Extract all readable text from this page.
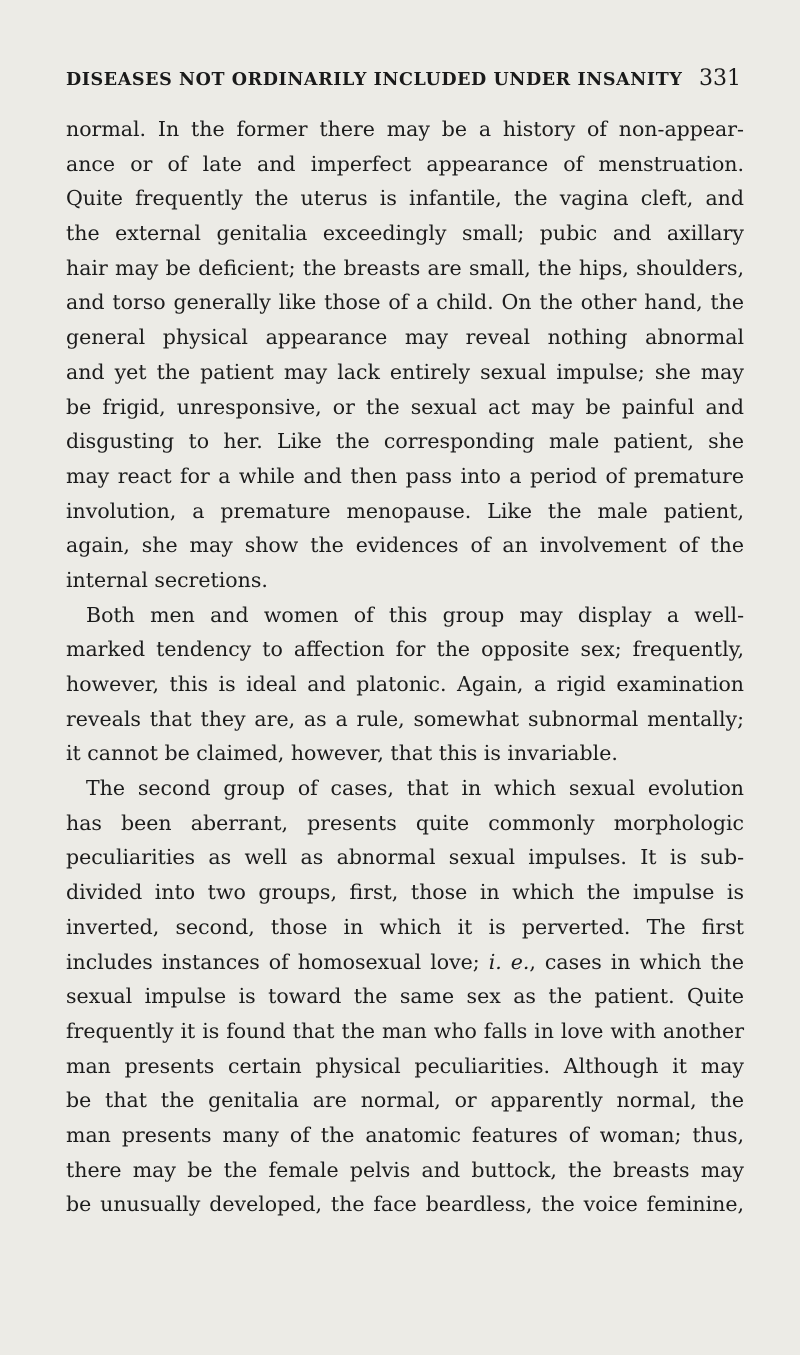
DISEASES NOT ORDINARILY INCLUDED UNDER INSANITY 331
normal. In the former there may be a history of non-appear-
ance or of late and imperfect appearance of menstruation.
Quite frequently the uterus is infantile, the vagina cleft, and
the external genitalia exceedingly small; pubic and axillary
hair may be deficient; the breasts are small, the hips, shoulders,
and torso generally like those of a child. On the other hand, the
general physical appearance may reveal nothing abnormal
and yet the patient may lack entirely sexual impulse; she may
be frigid, unresponsive, or the sexual act may be painful and
disgusting to her. Like the corresponding male patient, she
may react for a while and then pass into a period of premature
involution, a premature menopause. Like the male patient,
again, she may show the evidences of an involvement of the
internal secretions.
Both men and women of this group may display a well-
marked tendency to affection for the opposite sex; frequently,
however, this is ideal and platonic. Again, a rigid examination
reveals that they are, as a rule, somewhat subnormal mentally;
it cannot be claimed, however, that this is invariable.
The second group of cases, that in which sexual evolution
has been aberrant, presents quite commonly morphologic
peculiarities as well as abnormal sexual impulses. It is sub-
divided into two groups, first, those in which the impulse is
inverted, second, those in which it is perverted. The first
includes instances of homosexual love; i. e., cases in which the
sexual impulse is toward the same sex as the patient. Quite
frequently it is found that the man who falls in love with another
man presents certain physical peculiarities. Although it may
be that the genitalia are normal, or apparently normal, the
man presents many of the anatomic features of woman; thus,
there may be the female pelvis and buttock, the breasts may
be unusually developed, the face beardless, the voice feminine,
